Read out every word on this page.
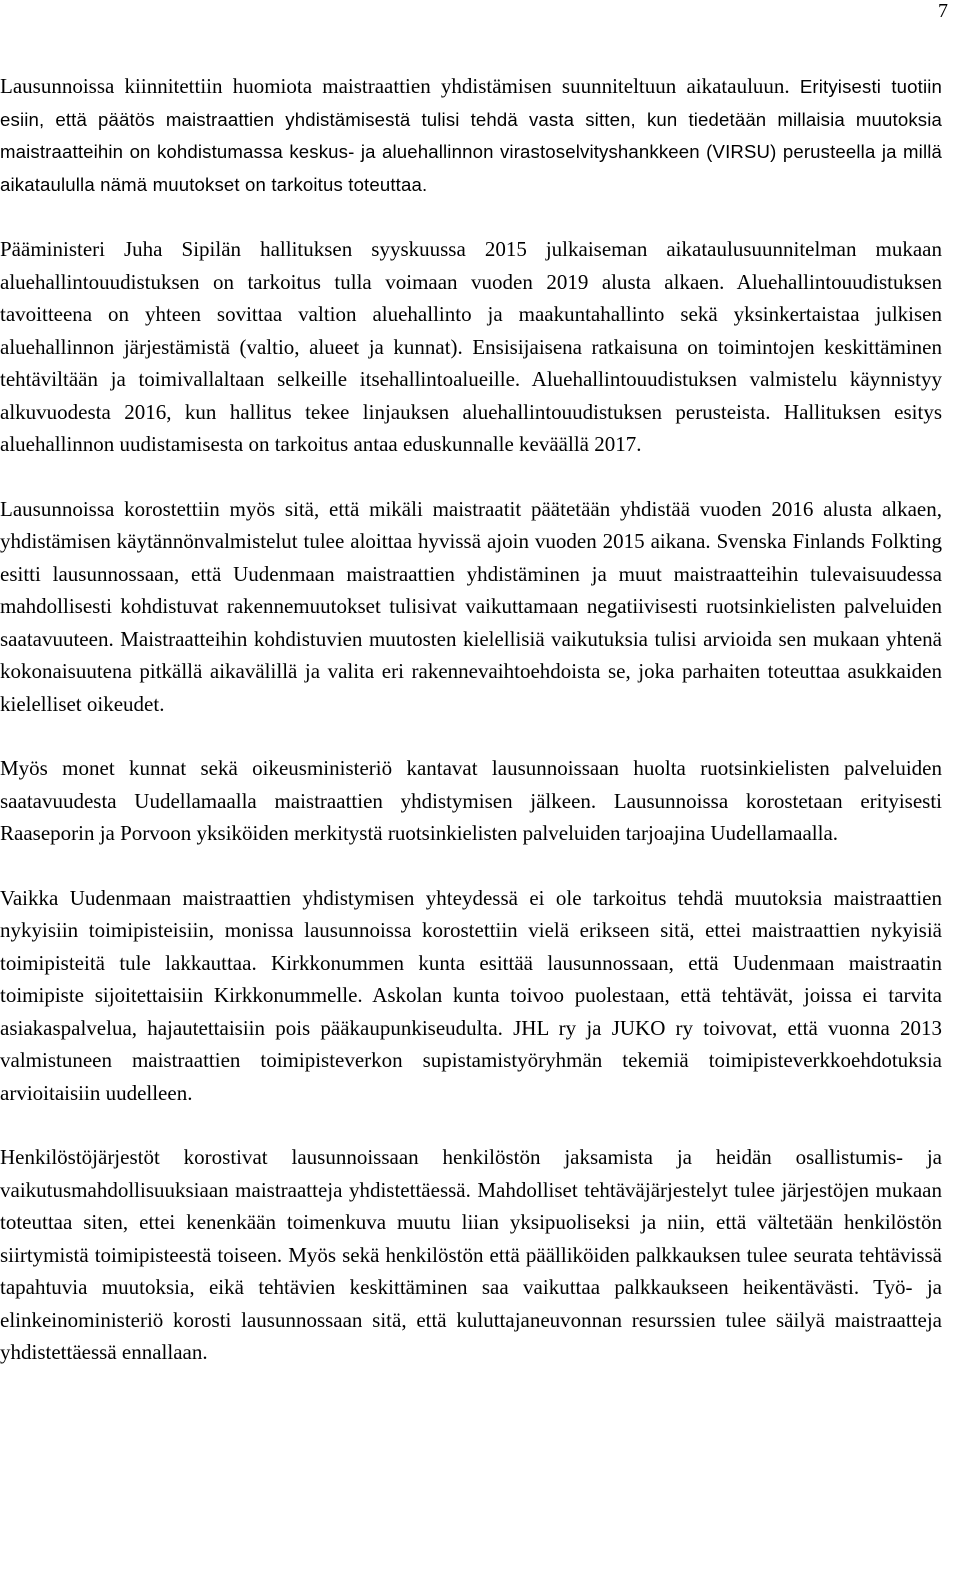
7

Lausunnoissa kiinnitettiin huomiota maistraattien yhdistämisen suunniteltuun aikatauluun. Erityisesti tuotiin esiin, että päätös maistraattien yhdistämisestä tulisi tehdä vasta sitten, kun tiedetään millaisia muutoksia maistraatteihin on kohdistumassa keskus- ja aluehallinnon virastoselvityshankkeen (VIRSU) perusteella ja millä aikataululla nämä muutokset on tarkoitus toteuttaa.

Pääministeri Juha Sipilän hallituksen syyskuussa 2015 julkaiseman aikataulusuunnitelman mukaan aluehallintouudistuksen on tarkoitus tulla voimaan vuoden 2019 alusta alkaen. Aluehallintouudistuksen tavoitteena on yhteen sovittaa valtion aluehallinto ja maakuntahallinto sekä yksinkertaistaa julkisen aluehallinnon järjestämistä (valtio, alueet ja kunnat). Ensisijaisena ratkaisuna on toimintojen keskittäminen tehtäviltään ja toimivallaltaan selkeille itsehallintoalueille. Aluehallintouudistuksen valmistelu käynnistyy alkuvuodesta 2016, kun hallitus tekee linjauksen aluehallintouudistuksen perusteista. Hallituksen esitys aluehallinnon uudistamisesta on tarkoitus antaa eduskunnalle keväällä 2017.

Lausunnoissa korostettiin myös sitä, että mikäli maistraatit päätetään yhdistää vuoden 2016 alusta alkaen, yhdistämisen käytännönvalmistelut tulee aloittaa hyvissä ajoin vuoden 2015 aikana. Svenska Finlands Folkting esitti lausunnossaan, että Uudenmaan maistraattien yhdistäminen ja muut maistraatteihin tulevaisuudessa mahdollisesti kohdistuvat rakennemuutokset tulisivat vaikuttamaan negatiivisesti ruotsinkielisten palveluiden saatavuuteen. Maistraatteihin kohdistuvien muutosten kielellisiä vaikutuksia tulisi arvioida sen mukaan yhtenä kokonaisuutena pitkällä aikavälillä ja valita eri rakennevaihtoehdoista se, joka parhaiten toteuttaa asukkaiden kielelliset oikeudet.

Myös monet kunnat sekä oikeusministeriö kantavat lausunnoissaan huolta ruotsinkielisten palveluiden saatavuudesta Uudellamaalla maistraattien yhdistymisen jälkeen. Lausunnoissa korostetaan erityisesti Raaseporin ja Porvoon yksiköiden merkitystä ruotsinkielisten palveluiden tarjoajina Uudellamaalla.

Vaikka Uudenmaan maistraattien yhdistymisen yhteydessä ei ole tarkoitus tehdä muutoksia maistraattien nykyisiin toimipisteisiin, monissa lausunnoissa korostettiin vielä erikseen sitä, ettei maistraattien nykyisiä toimipisteitä tule lakkauttaa. Kirkkonummen kunta esittää lausunnossaan, että Uudenmaan maistraatin toimipiste sijoitettaisiin Kirkkonummelle. Askolan kunta toivoo puolestaan, että tehtävät, joissa ei tarvita asiakaspalvelua, hajautettaisiin pois pääkaupunkiseudulta. JHL ry ja JUKO ry toivovat, että vuonna 2013 valmistuneen maistraattien toimipisteverkon supistamistyöryhmän tekemiä toimipisteverkkoehdotuksia arvioitaisiin uudelleen.

Henkilöstöjärjestöt korostivat lausunnoissaan henkilöstön jaksamista ja heidän osallistumis- ja vaikutusmahdollisuuksiaan maistraatteja yhdistettäessä. Mahdolliset tehtäväjärjestelyt tulee järjestöjen mukaan toteuttaa siten, ettei kenenkään toimenkuva muutu liian yksipuoliseksi ja niin, että vältetään henkilöstön siirtymistä toimipisteestä toiseen. Myös sekä henkilöstön että päälliköiden palkkauksen tulee seurata tehtävissä tapahtuvia muutoksia, eikä tehtävien keskittäminen saa vaikuttaa palkkaukseen heikentävästi. Työ- ja elinkeinoministeriö korosti lausunnossaan sitä, että kuluttajaneuvonnan resurssien tulee säilyä maistraatteja yhdistettäessä ennallaan.
